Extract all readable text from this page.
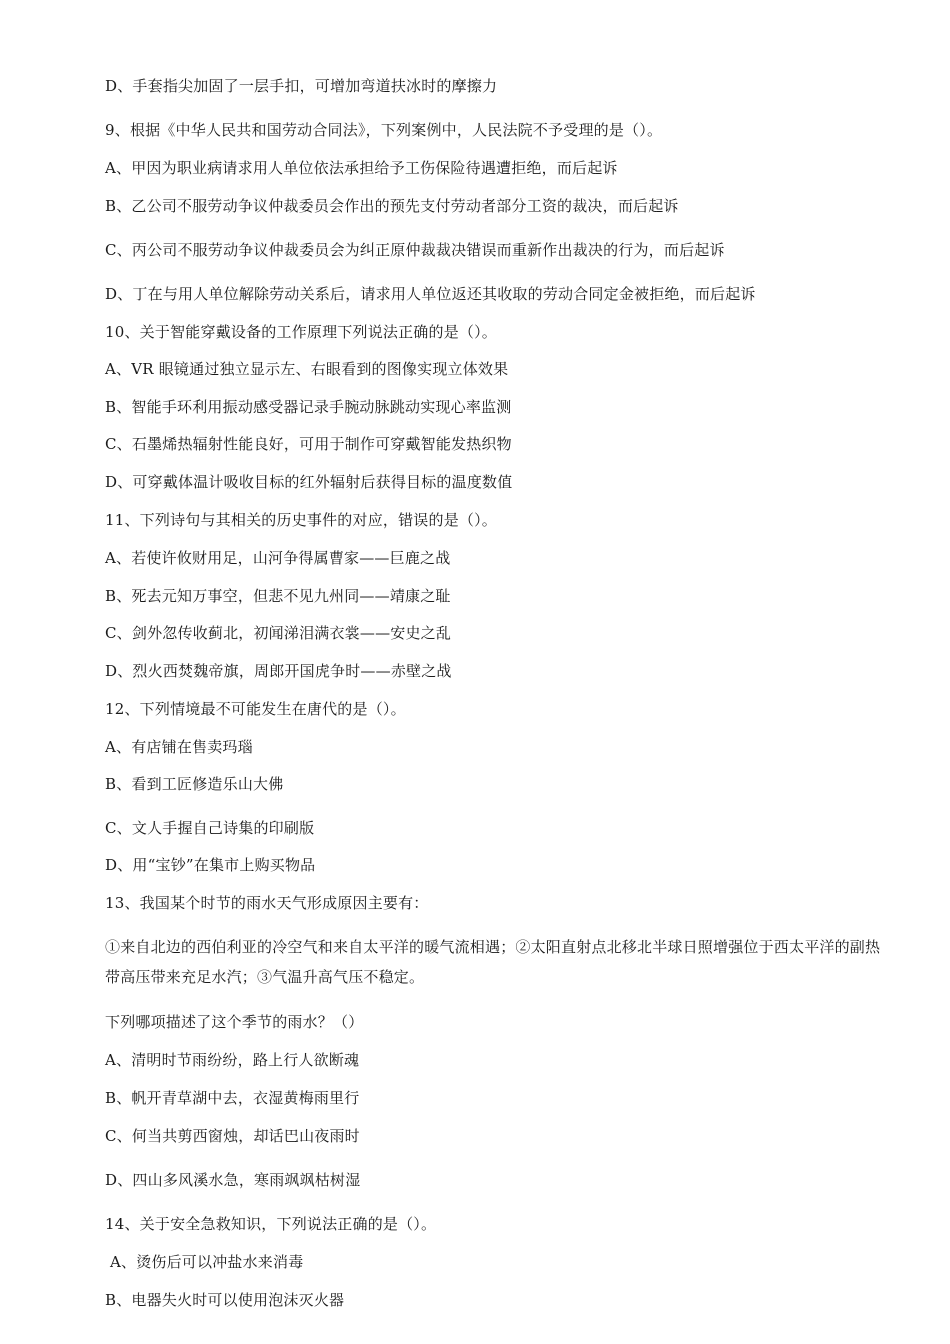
D、手套指尖加固了一层手扣，可增加弯道扶冰时的摩擦力
9、根据《中华人民共和国劳动合同法》，下列案例中，人民法院不予受理的是（）。
A、甲因为职业病请求用人单位依法承担给予工伤保险待遇遭拒绝，而后起诉
B、乙公司不服劳动争议仲裁委员会作出的预先支付劳动者部分工资的裁决，而后起诉
C、丙公司不服劳动争议仲裁委员会为纠正原仲裁裁决错误而重新作出裁决的行为，而后起诉
D、丁在与用人单位解除劳动关系后，请求用人单位返还其收取的劳动合同定金被拒绝，而后起诉
10、关于智能穿戴设备的工作原理下列说法正确的是（）。
A、VR 眼镜通过独立显示左、右眼看到的图像实现立体效果
B、智能手环利用振动感受器记录手腕动脉跳动实现心率监测
C、石墨烯热辐射性能良好，可用于制作可穿戴智能发热织物
D、可穿戴体温计吸收目标的红外辐射后获得目标的温度数值
11、下列诗句与其相关的历史事件的对应，错误的是（）。
A、若使许攸财用足，山河争得属曹家——巨鹿之战
B、死去元知万事空，但悲不见九州同——靖康之耻
C、剑外忽传收蓟北，初闻涕泪满衣裳——安史之乱
D、烈火西焚魏帝旗，周郎开国虎争时——赤壁之战
12、下列情境最不可能发生在唐代的是（）。
A、有店铺在售卖玛瑙
B、看到工匠修造乐山大佛
C、文人手握自己诗集的印刷版
D、用“宝钞”在集市上购买物品
13、我国某个时节的雨水天气形成原因主要有：
①来自北边的西伯利亚的冷空气和来自太平洋的暖气流相遇；②太阳直射点北移北半球日照增强位于西太平洋的副热带高压带来充足水汽；③气温升高气压不稳定。
下列哪项描述了这个季节的雨水？（）
A、清明时节雨纷纷，路上行人欲断魂
B、帆开青草湖中去，衣湿黄梅雨里行
C、何当共剪西窗烛，却话巴山夜雨时
D、四山多风溪水急，寒雨飒飒枯树湿
14、关于安全急救知识，下列说法正确的是（）。
A、烫伤后可以冲盐水来消毒
B、电器失火时可以使用泡沫灭火器
